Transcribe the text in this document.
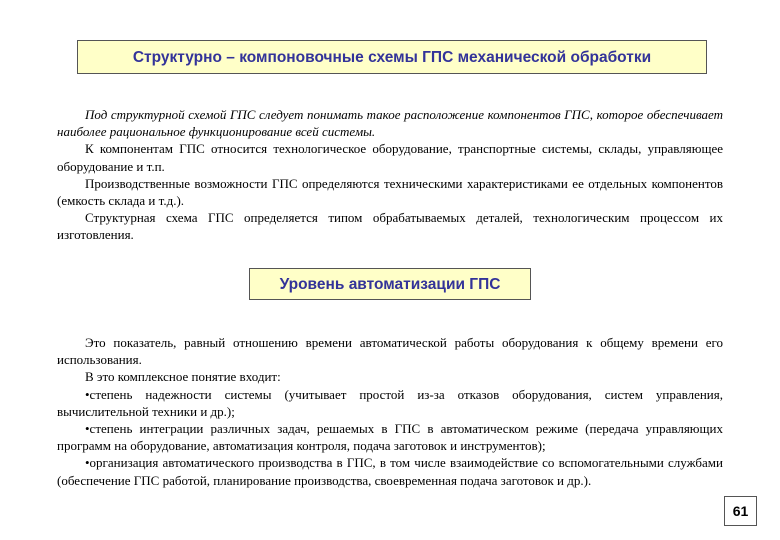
Структурно – компоновочные схемы ГПС механической обработки

Под структурной схемой ГПС следует понимать такое расположение компонентов ГПС, которое обеспечивает наиболее рациональное функционирование всей системы.

К компонентам ГПС относится технологическое оборудование, транспортные системы, склады, управляющее оборудование и т.п.

Производственные возможности ГПС определяются техническими характеристиками ее отдельных компонентов (емкость склада и т.д.).

Структурная схема ГПС определяется типом обрабатываемых деталей, технологическим процессом их изготовления.

Уровень автоматизации ГПС

Это показатель, равный отношению времени автоматической работы оборудования к общему времени его использования.

В это комплексное понятие входит:

•степень надежности системы (учитывает простой из-за отказов оборудования, систем управления, вычислительной техники и др.);

•степень интеграции различных задач, решаемых в ГПС в автоматическом режиме (передача управляющих программ на оборудование, автоматизация контроля, подача заготовок и инструментов);

•организация автоматического производства в ГПС, в том числе взаимодействие со вспомогательными службами (обеспечение ГПС работой, планирование производства, своевременная подача заготовок и др.).

61
